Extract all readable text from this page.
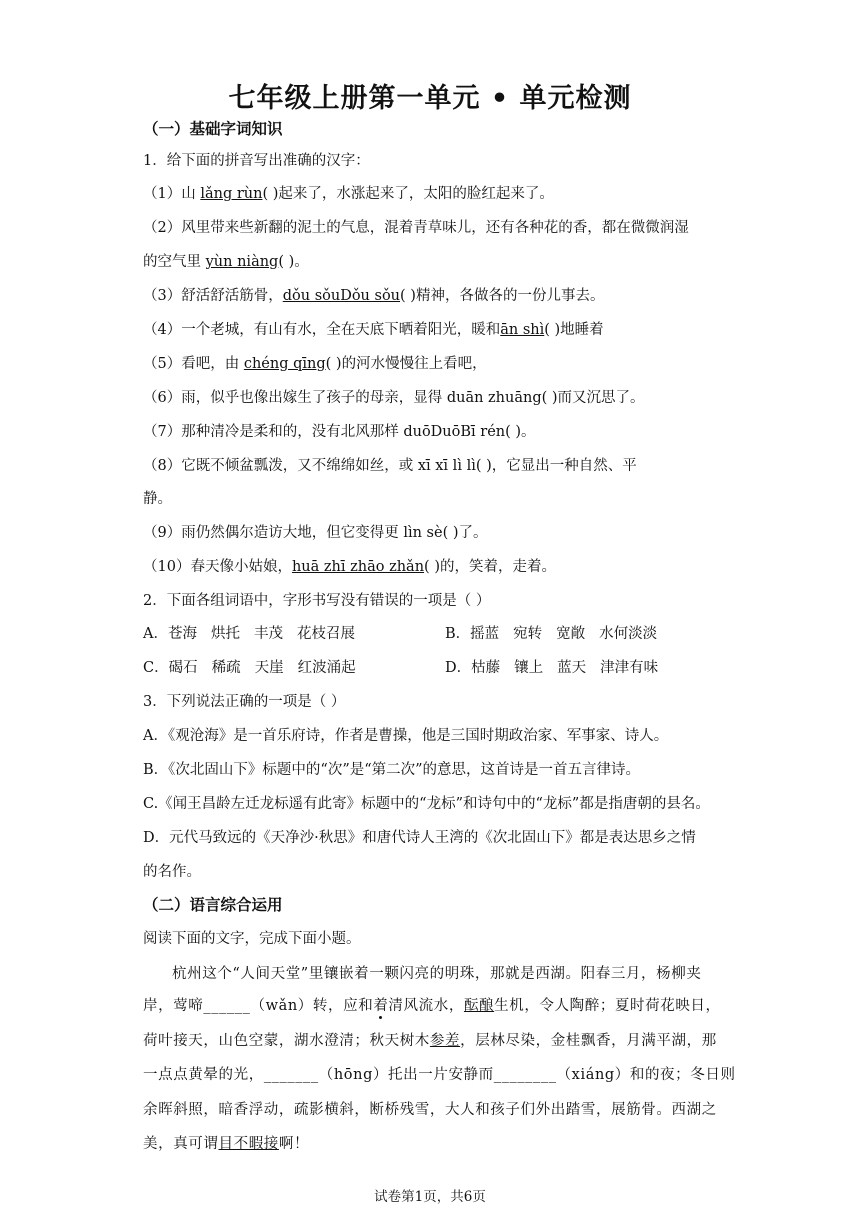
七年级上册第一单元 • 单元检测
（一）基础字词知识
1．给下面的拼音写出准确的汉字：
（1）山 lǎng rùn( )起来了，水涨起来了，太阳的脸红起来了。
（2）风里带来些新翻的泥土的气息，混着青草味儿，还有各种花的香，都在微微润湿
的空气里 yùn niàng( )。
（3）舒活舒活筋骨，dǒu sǒuDǒu sǒu( )精神，各做各的一份儿事去。
（4）一个老城，有山有水，全在天底下晒着阳光，暖和ān shì( )地睡着
（5）看吧，由 chéng qīng( )的河水慢慢往上看吧，
（6）雨，似乎也像出嫁生了孩子的母亲，显得 duān zhuāng( )而又沉思了。
（7）那种清冷是柔和的，没有北风那样 duōDuōBī rén( )。
（8）它既不倾盆瓢泼，又不绵绵如丝，或 xī xī lì lì( )，它显出一种自然、平
静。
（9）雨仍然偶尔造访大地，但它变得更 lìn sè( )了。
（10）春天像小姑娘，huā zhī zhāo zhǎn( )的，笑着，走着。
2．下面各组词语中，字形书写没有错误的一项是（ ）
A．苍海 烘托 丰茂 花枝召展	B．摇蓝 宛转 宽敞 水何淡淡
C．碣石 稀疏 天崖 红波涌起	D．枯藤 镶上 蓝天 津津有味
3．下列说法正确的一项是（ ）
A．《观沧海》是一首乐府诗，作者是曹操，他是三国时期政治家、军事家、诗人。
B．《次北固山下》标题中的“次”是“第二次”的意思，这首诗是一首五言律诗。
C.《闻王昌龄左迁龙标遥有此寄》标题中的“龙标”和诗句中的“龙标”都是指唐朝的县名。
D．元代马致远的《天净沙·秋思》和唐代诗人王湾的《次北固山下》都是表达思乡之情
的名作。
（二）语言综合运用
阅读下面的文字，完成下面小题。
杭州这个“人间天堂”里镶嵌着一颗闪亮的明珠，那就是西湖。阳春三月，杨柳夹
岸，莺啼______（wǎn）转，应和着清风流水，酝酿生机，令人陶醉；夏时荷花映日，
荷叶接天，山色空蒙，湖水澄清；秋天树木参差，层林尽染，金桂飘香，月满平湖，那
一点点黄晕的光，_______（hōng）托出一片安静而________（xiáng）和的夜；冬日则
余晖斜照，暗香浮动，疏影横斜，断桥残雪，大人和孩子们外出踏雪，展筋骨。西湖之
美，真可谓目不暇接啊！
试卷第1页，共6页
